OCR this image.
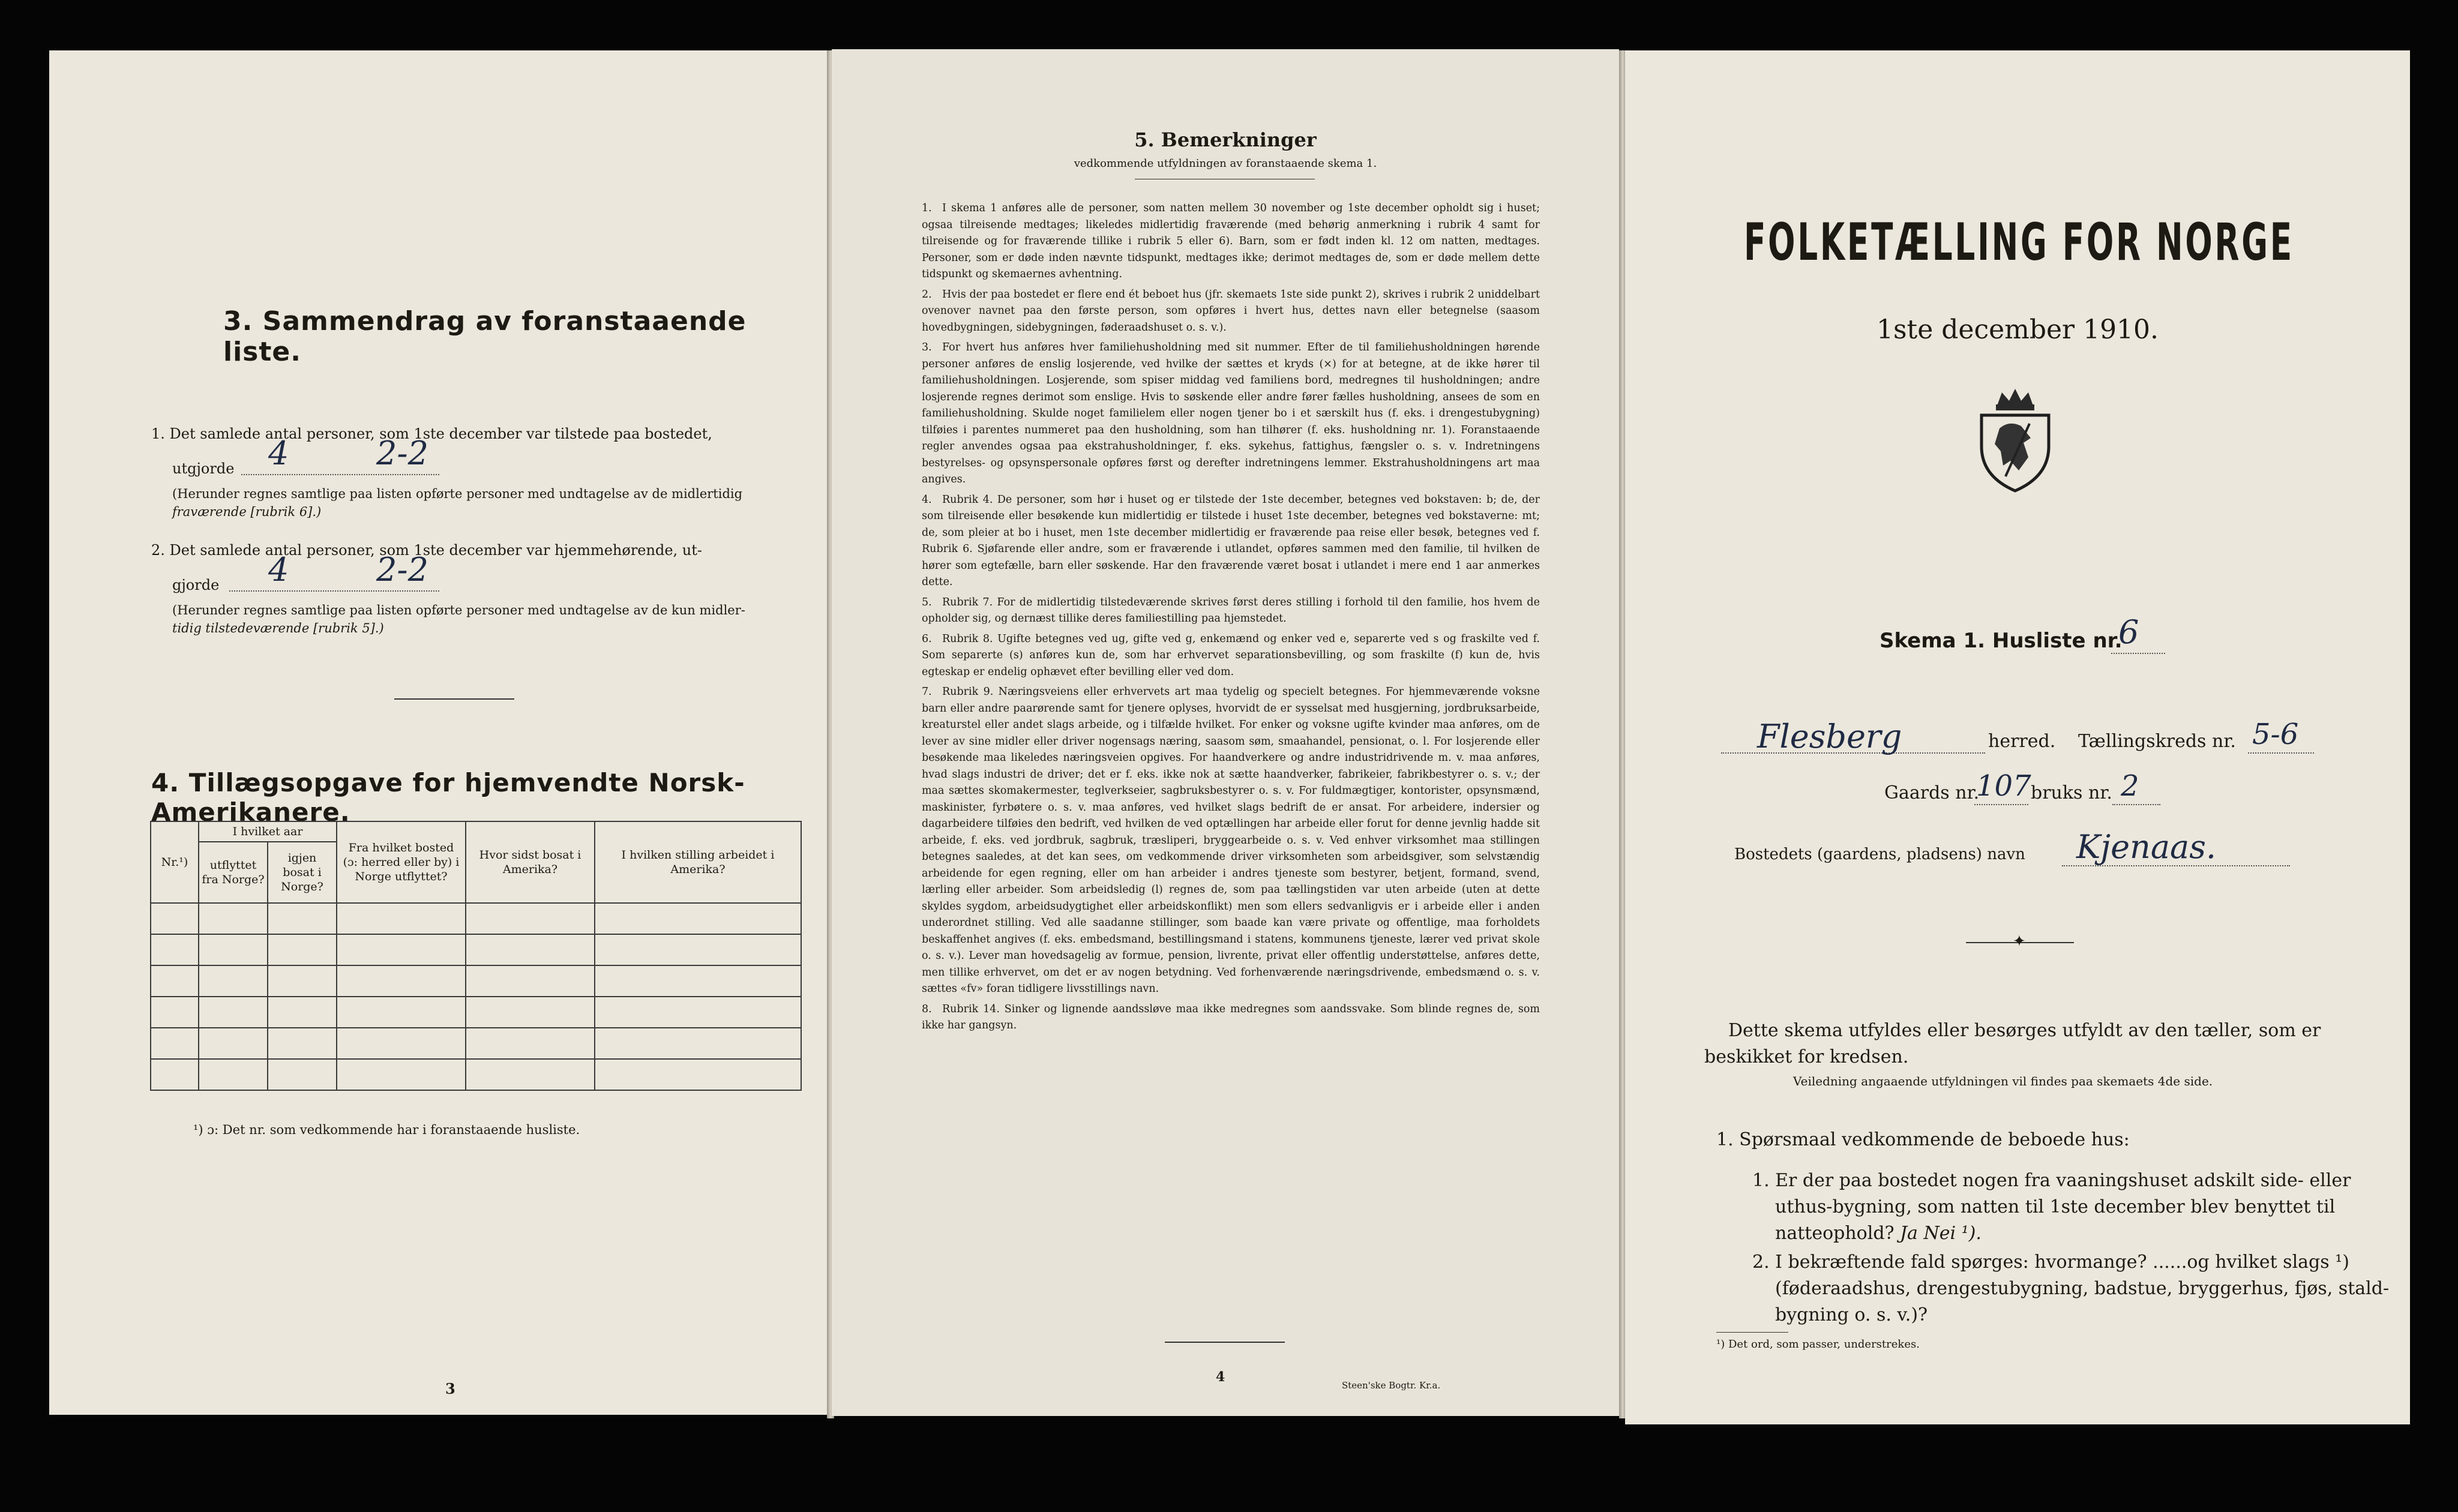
3. Sammendrag av foranstaaende liste.
1. Det samlede antal personer, som 1ste december var tilstede paa bostedet,
utgjorde 4	2-2
(Herunder regnes samtlige paa listen opførte personer med undtagelse av de midlertidig
fraværende [rubrik 6].)
2. Det samlede antal personer, som 1ste december var hjemmehørende, ut-
gjorde 4	2-2
(Herunder regnes samtlige paa listen opførte personer med undtagelse av de kun midler-
tidig tilstedeværende [rubrik 5].)
4. Tillægsopgave for hjemvendte Norsk-Amerikanere.
Nr.¹)	I hvilket aar		Fra hvilket bosted (ɔ: herred eller by) i Norge utflyttet?	Hvor sidst bosat i Amerika?	I hvilken stilling arbeidet i Amerika?
	utflyttet fra Norge?	igjen bosat i Norge?			

¹) ɔ: Det nr. som vedkommende har i foranstaaende husliste.
3
5. Bemerkninger
vedkommende utfyldningen av foranstaaende skema 1.
1. I skema 1 anføres alle de personer, som natten mellem 30 november og 1ste december opholdt sig i huset; ogsaa tilreisende medtages; likeledes midlertidig fraværende (med behørig anmerkning i rubrik 4 samt for tilreisende og for fraværende tillike i rubrik 5 eller 6). Barn, som er født inden kl. 12 om natten, medtages. Personer, som er døde inden nævnte tidspunkt, medtages ikke; derimot medtages de, som er døde mellem dette tidspunkt og skemaernes avhentning.
2. Hvis der paa bostedet er flere end ét beboet hus (jfr. skemaets 1ste side punkt 2), skrives i rubrik 2 uniddelbart ovenover navnet paa den første person, som opføres i hvert hus, dettes navn eller betegnelse (saasom hovedbygningen, sidebygningen, føderaadshuset o. s. v.).
3. For hvert hus anføres hver familiehusholdning med sit nummer. Efter de til familiehusholdningen hørende personer anføres de enslig losjerende, ved hvilke der sættes et kryds (×) for at betegne, at de ikke hører til familiehusholdningen. Losjerende, som spiser middag ved familiens bord, medregnes til husholdningen; andre losjerende regnes derimot som enslige. Hvis to søskende eller andre fører fælles husholdning, ansees de som en familiehusholdning. Skulde noget familielem eller nogen tjener bo i et særskilt hus (f. eks. i drengestubygning) tilføies i parentes nummeret paa den husholdning, som han tilhører (f. eks. husholdning nr. 1). Foranstaaende regler anvendes ogsaa paa ekstrahusholdninger, f. eks. sykehus, fattighus, fængsler o. s. v. Indretningens bestyrelses- og opsynspersonale opføres først og derefter indretningens lemmer. Ekstrahusholdningens art maa angives.
4. Rubrik 4. De personer, som hør i huset og er tilstede der 1ste december, betegnes ved bokstaven: b; de, der som tilreisende eller besøkende kun midlertidig er tilstede i huset 1ste december, betegnes ved bokstaverne: mt; de, som pleier at bo i huset, men 1ste december midlertidig er fraværende paa reise eller besøk, betegnes ved f. Rubrik 6. Sjøfarende eller andre, som er fraværende i utlandet, opføres sammen med den familie, til hvilken de hører som egtefælle, barn eller søskende. Har den fraværende været bosat i utlandet i mere end 1 aar anmerkes dette.
5. Rubrik 7. For de midlertidig tilstedeværende skrives først deres stilling i forhold til den familie, hos hvem de opholder sig, og dernæst tillike deres familiestilling paa hjemstedet.
6. Rubrik 8. Ugifte betegnes ved ug, gifte ved g, enkemænd og enker ved e, separerte ved s og fraskilte ved f. Som separerte (s) anføres kun de, som har erhvervet separationsbevilling, og som fraskilte (f) kun de, hvis egteskap er endelig ophævet efter bevilling eller ved dom.
7. Rubrik 9. Næringsveiens eller erhvervets art maa tydelig og specielt betegnes. For hjemmeværende voksne barn eller andre paarørende samt for tjenere oplyses, hvorvidt de er sysselsat med husgjerning, jordbruksarbeide, kreaturstel eller andet slags arbeide, og i tilfælde hvilket. For enker og voksne ugifte kvinder maa anføres, om de lever av sine midler eller driver nogensags næring, saasom søm, smaahandel, pensionat, o. l. For losjerende eller besøkende maa likeledes næringsveien opgives. For haandverkere og andre industridrivende m. v. maa anføres, hvad slags industri de driver; det er f. eks. ikke nok at sætte haandverker, fabrikeier, fabrikbestyrer o. s. v.; der maa sættes skomakermester, teglverkseier, sagbruksbestyrer o. s. v. For fuldmægtiger, kontorister, opsynsmænd, maskinister, fyrbøtere o. s. v. maa anføres, ved hvilket slags bedrift de er ansat. For arbeidere, indersier og dagarbeidere tilføies den bedrift, ved hvilken de ved optællingen har arbeide eller forut for denne jevnlig hadde sit arbeide, f. eks. ved jordbruk, sagbruk, træsliperi, bryggearbeide o. s. v. Ved enhver virksomhet maa stillingen betegnes saaledes, at det kan sees, om vedkommende driver virksomheten som arbeidsgiver, som selvstændig arbeidende for egen regning, eller om han arbeider i andres tjeneste som bestyrer, betjent, formand, svend, lærling eller arbeider. Som arbeidsledig (l) regnes de, som paa tællingstiden var uten arbeide (uten at dette skyldes sygdom, arbeidsudygtighet eller arbeidskonflikt) men som ellers sedvanligvis er i arbeide eller i anden underordnet stilling. Ved alle saadanne stillinger, som baade kan være private og offentlige, maa forholdets beskaffenhet angives (f. eks. embedsmand, bestillingsmand i statens, kommunens tjeneste, lærer ved privat skole o. s. v.). Lever man hovedsagelig av formue, pension, livrente, privat eller offentlig understøttelse, anføres dette, men tillike erhvervet, om det er av nogen betydning. Ved forhenværende næringsdrivende, embedsmænd o. s. v. sættes «fv» foran tidligere livsstillings navn.
8. Rubrik 14. Sinker og lignende aandssløve maa ikke medregnes som aandssvake. Som blinde regnes de, som ikke har gangsyn.
4
Steen'ske Bogtr. Kr.a.
FOLKETÆLLING FOR NORGE
1ste december 1910.
Skema 1. Husliste nr.
6
Flesberg	herred. Tællingskreds nr. 5-6
Gaards nr.
107 bruks nr. 2
Bostedets (gaardens, pladsens) navn Kjenaas.
✦
Dette skema utfyldes eller besørges utfyldt av den tæller, som er
beskikket for kredsen.
Veiledning angaaende utfyldningen vil findes paa skemaets 4de side.
1. Spørsmaal vedkommende de beboede hus:
1. Er der paa bostedet nogen fra vaaningshuset adskilt side- eller
uthus-bygning, som natten til 1ste december blev benyttet til
natteophold? Ja Nei ¹).
2. I bekræftende fald spørges: hvormange? ......og hvilket slags ¹)
(føderaadshus, drengestubygning, badstue, bryggerhus, fjøs, stald-
bygning o. s. v.)?
¹) Det ord, som passer, understrekes.
